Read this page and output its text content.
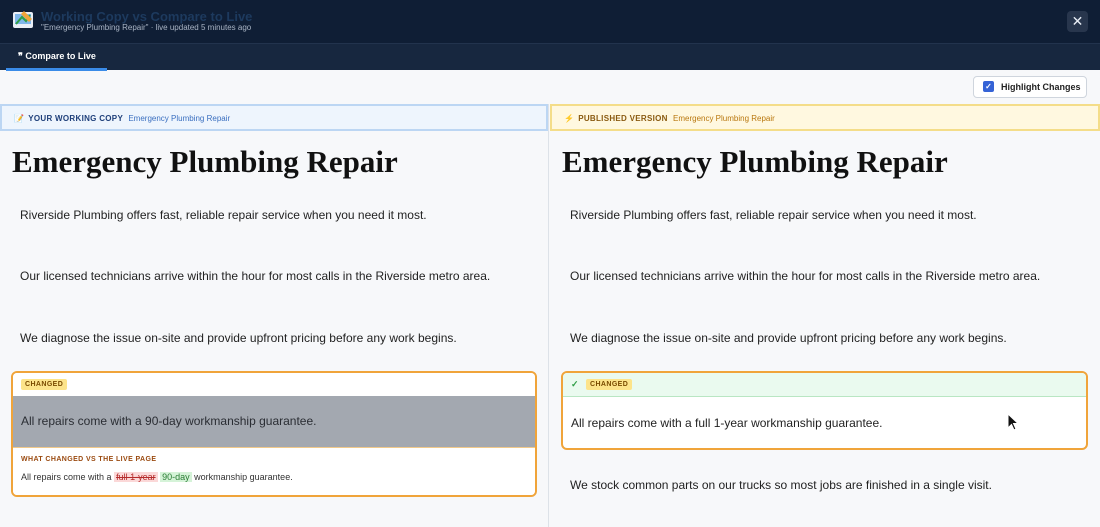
Working Copy vs Compare to Live
"Emergency Plumbing Repair" · live updated 5 minutes ago	✕
❞ Compare to Live
✓ Highlight Changes
📝 YOUR WORKING COPY Emergency Plumbing Repair
Emergency Plumbing Repair
Riverside Plumbing offers fast, reliable repair service when you need it most.
Our licensed technicians arrive within the hour for most calls in the Riverside metro area.
We diagnose the issue on-site and provide upfront pricing before any work begins.
CHANGED
All repairs come with a 90-day workmanship guarantee.
WHAT CHANGED VS THE LIVE PAGE
All repairs come with a full 1-year 90-day workmanship guarantee.
⚡ PUBLISHED VERSION Emergency Plumbing Repair
Emergency Plumbing Repair
Riverside Plumbing offers fast, reliable repair service when you need it most.
Our licensed technicians arrive within the hour for most calls in the Riverside metro area.
We diagnose the issue on-site and provide upfront pricing before any work begins.
✓	CHANGED
All repairs come with a full 1-year workmanship guarantee.
We stock common parts on our trucks so most jobs are finished in a single visit.
